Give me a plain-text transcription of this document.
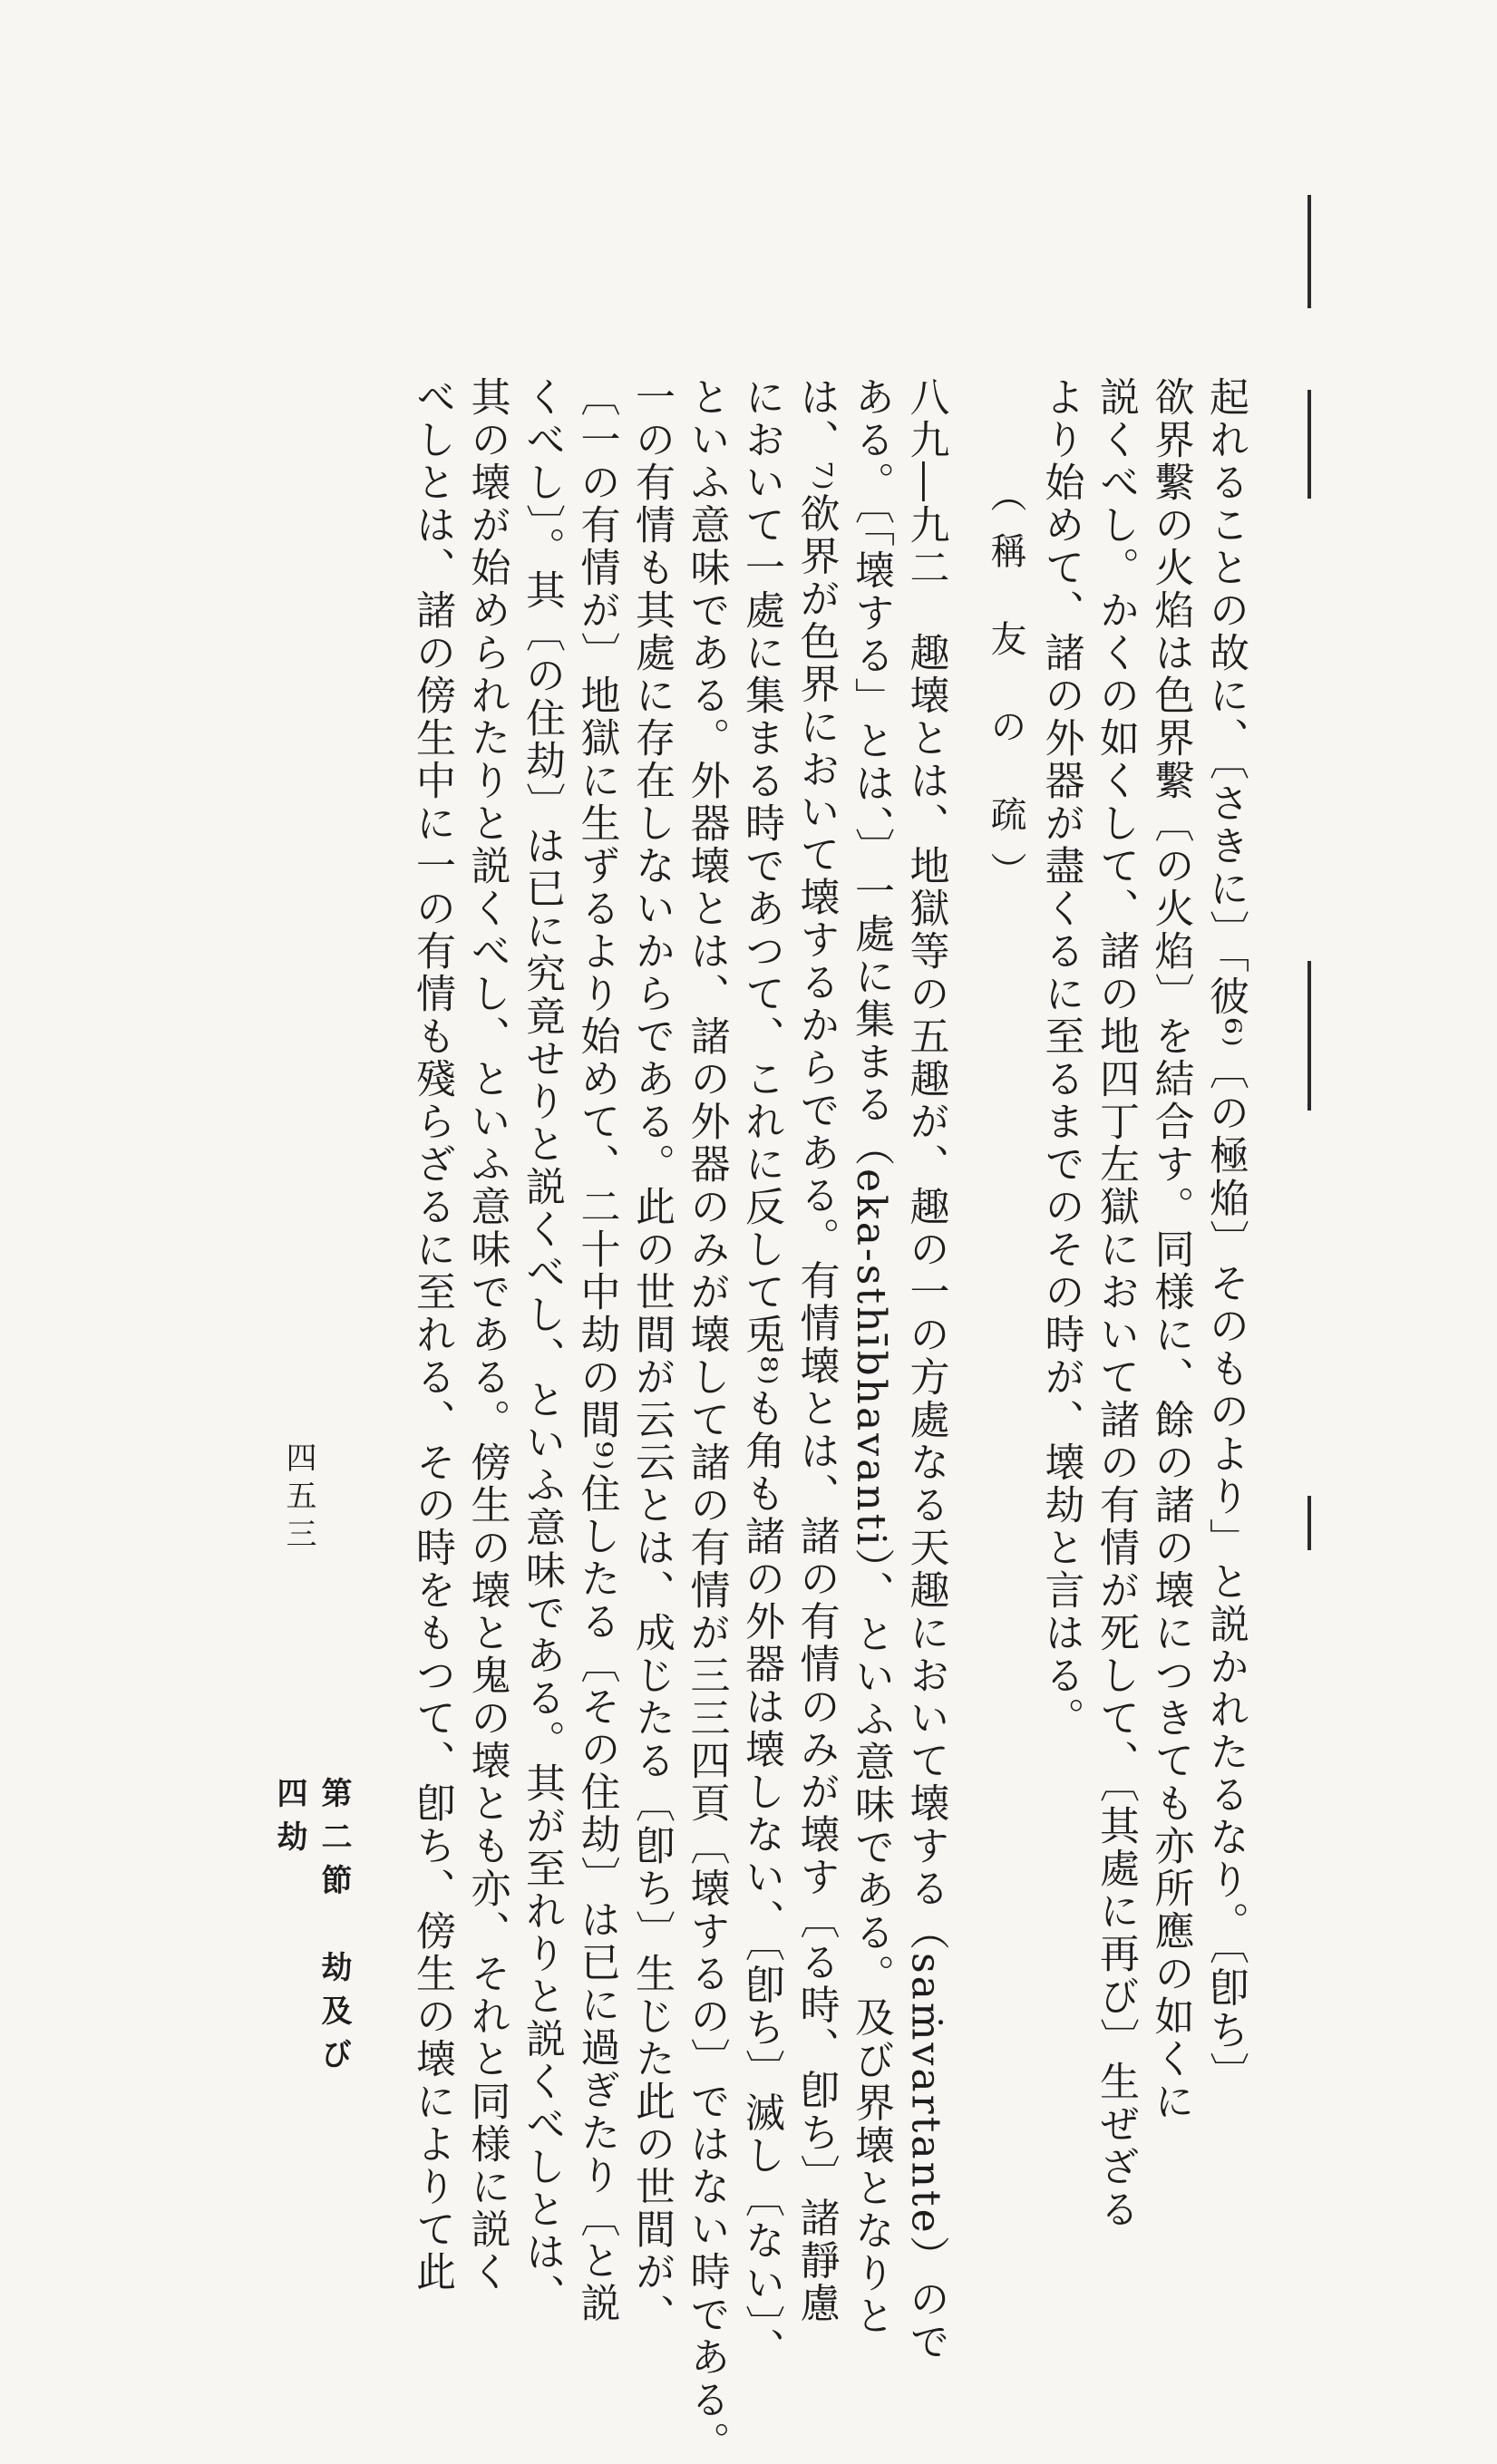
起れることの故に、〔さきに〕「彼⁶⁾〔の極焔〕そのものより」と説かれたるなり。〔卽ち〕
欲界繫の火焰は色界繫〔の火焰〕を結合す。同様に、餘の諸の壊につきても亦所應の如くに
説くべし。かくの如くして、諸の地四丁左獄において諸の有情が死して、〔其處に再び〕生ぜざる
より始めて、諸の外器が盡くるに至るまでのその時が、壊劫と言はる。
（稱 友 の 疏）
八九―九二　趣壊とは、地獄等の五趣が、趣の一の方處なる天趣において壊する（saṁvartante）ので
ある。〔「壊する」とは、〕一處に集まる（eka-sthībhavanti）、といふ意味である。及び界壊となりと
は、⁷⁾欲界が色界において壊するからである。有情壊とは、諸の有情のみが壊す〔る時、卽ち〕諸靜慮
において一處に集まる時であつて、これに反して兎⁸⁾も角も諸の外器は壊しない、〔卽ち〕滅し〔ない〕、
といふ意味である。外器壊とは、諸の外器のみが壊して諸の有情が三三四頁〔壊するの〕ではない時である。
一の有情も其處に存在しないからである。此の世間が云云とは、成じたる〔卽ち〕生じた此の世間が、
〔一の有情が〕地獄に生ずるより始めて、二十中劫の間⁹⁾住したる〔その住劫〕は已に過ぎたり〔と説
くべし〕。其〔の住劫〕は已に究竟せりと説くべし、といふ意味である。其が至れりと説くべしとは、
其の壊が始められたりと説くべし、といふ意味である。傍生の壊と鬼の壊とも亦、それと同様に説く
べしとは、諸の傍生中に一の有情も殘らざるに至れる、その時をもつて、卽ち、傍生の壊によりて此
四五三
第二節　劫及び四劫
